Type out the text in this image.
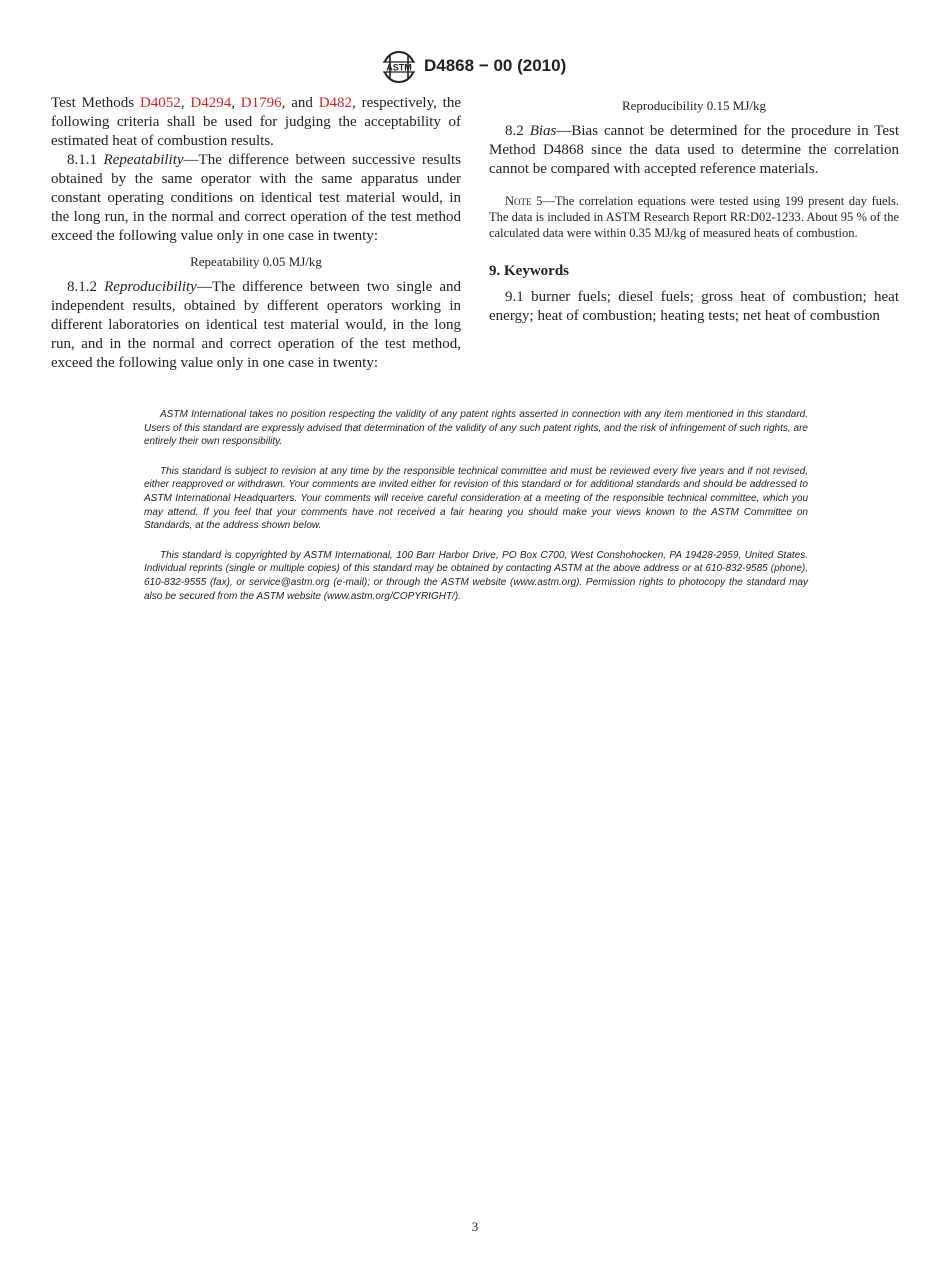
ASTM D4868 − 00 (2010)

Test Methods D4052, D4294, D1796, and D482, respectively, the following criteria shall be used for judging the acceptability of estimated heat of combustion results.

8.1.1 Repeatability—The difference between successive results obtained by the same operator with the same apparatus under constant operating conditions on identical test material would, in the long run, in the normal and correct operation of the test method exceed the following value only in one case in twenty:

Repeatability 0.05 MJ/kg

8.1.2 Reproducibility—The difference between two single and independent results, obtained by different operators working in different laboratories on identical test material would, in the long run, and in the normal and correct operation of the test method, exceed the following value only in one case in twenty:

Reproducibility 0.15 MJ/kg

8.2 Bias—Bias cannot be determined for the procedure in Test Method D4868 since the data used to determine the correlation cannot be compared with accepted reference materials.

Note 5—The correlation equations were tested using 199 present day fuels. The data is included in ASTM Research Report RR:D02-1233. About 95 % of the calculated data were within 0.35 MJ/kg of measured heats of combustion.

9. Keywords

9.1 burner fuels; diesel fuels; gross heat of combustion; heat energy; heat of combustion; heating tests; net heat of combustion

ASTM International takes no position respecting the validity of any patent rights asserted in connection with any item mentioned in this standard. Users of this standard are expressly advised that determination of the validity of any such patent rights, and the risk of infringement of such rights, are entirely their own responsibility.

This standard is subject to revision at any time by the responsible technical committee and must be reviewed every five years and if not revised, either reapproved or withdrawn. Your comments are invited either for revision of this standard or for additional standards and should be addressed to ASTM International Headquarters. Your comments will receive careful consideration at a meeting of the responsible technical committee, which you may attend. If you feel that your comments have not received a fair hearing you should make your views known to the ASTM Committee on Standards, at the address shown below.

This standard is copyrighted by ASTM International, 100 Barr Harbor Drive, PO Box C700, West Conshohocken, PA 19428-2959, United States. Individual reprints (single or multiple copies) of this standard may be obtained by contacting ASTM at the above address or at 610-832-9585 (phone), 610-832-9555 (fax), or service@astm.org (e-mail); or through the ASTM website (www.astm.org). Permission rights to photocopy the standard may also be secured from the ASTM website (www.astm.org/COPYRIGHT/).

3
